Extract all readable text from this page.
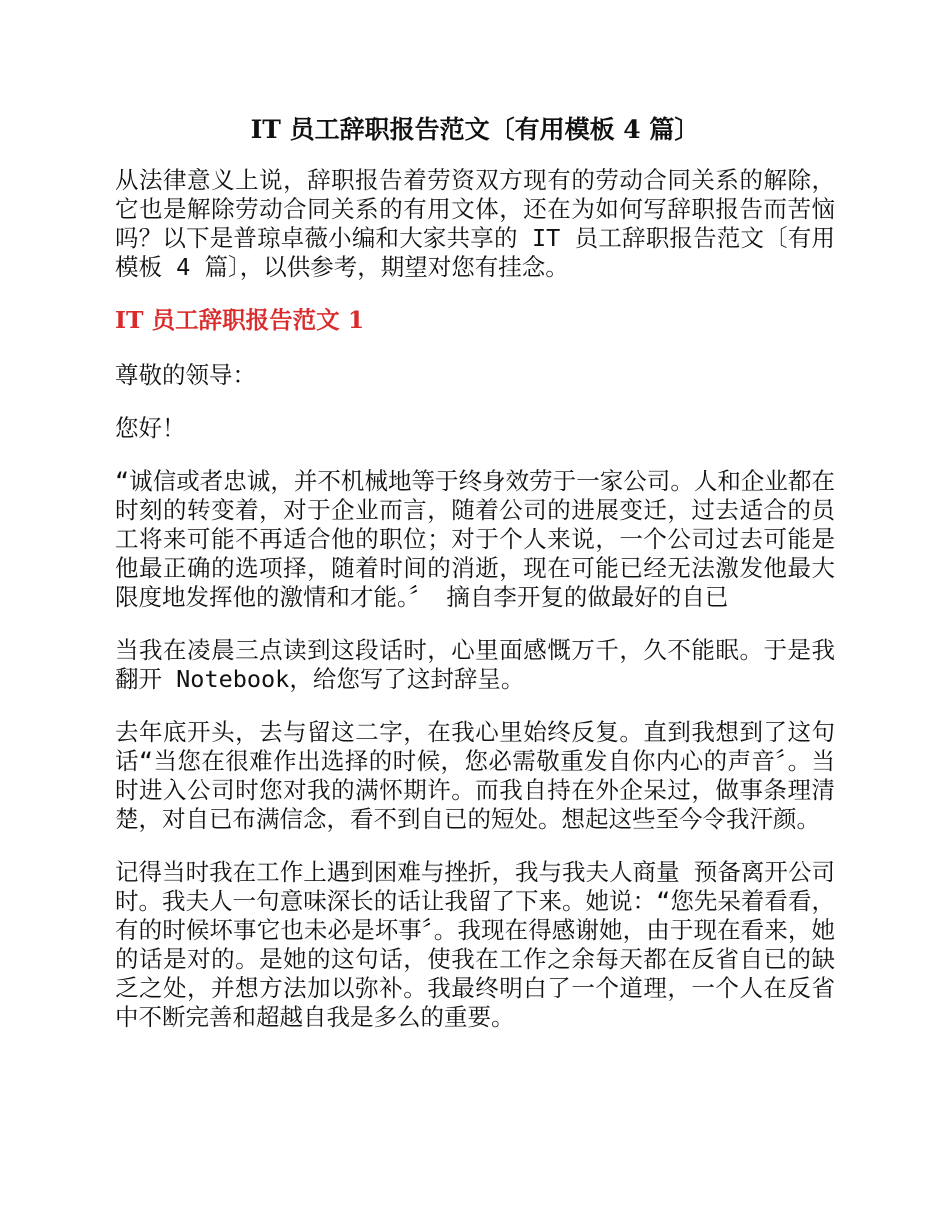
IT 员工辞职报告范文〔有用模板 4 篇〕

从法律意义上说，辞职报告着劳资双方现有的劳动合同关系的解除，它也是解除劳动合同关系的有用文体，还在为如何写辞职报告而苦恼吗？以下是普琼卓薇小编和大家共享的 IT 员工辞职报告范文〔有用模板 4 篇〕，以供参考，期望对您有挂念。

IT 员工辞职报告范文 1

尊敬的领导：

您好！

“诚信或者忠诚，并不机械地等于终身效劳于一家公司。人和企业都在时刻的转变着，对于企业而言，随着公司的进展变迁，过去适合的员工将来可能不再适合他的职位；对于个人来说，一个公司过去可能是他最正确的选项择，随着时间的消逝，现在可能已经无法激发他最大限度地发挥他的激情和才能。〞 摘自李开复的做最好的自已

当我在凌晨三点读到这段话时，心里面感慨万千，久不能眠。于是我翻开 Notebook，给您写了这封辞呈。

去年底开头，去与留这二字，在我心里始终反复。直到我想到了这句话“当您在很难作出选择的时候，您必需敬重发自你内心的声音〞。当时进入公司时您对我的满怀期许。而我自持在外企呆过，做事条理清楚，对自已布满信念，看不到自已的短处。想起这些至今令我汗颜。

记得当时我在工作上遇到困难与挫折，我与我夫人商量 预备离开公司时。我夫人一句意味深长的话让我留了下来。她说：“您先呆着看看，有的时候坏事它也未必是坏事〞。我现在得感谢她，由于现在看来，她的话是对的。是她的这句话，使我在工作之余每天都在反省自已的缺乏之处，并想方法加以弥补。我最终明白了一个道理，一个人在反省中不断完善和超越自我是多么的重要。
